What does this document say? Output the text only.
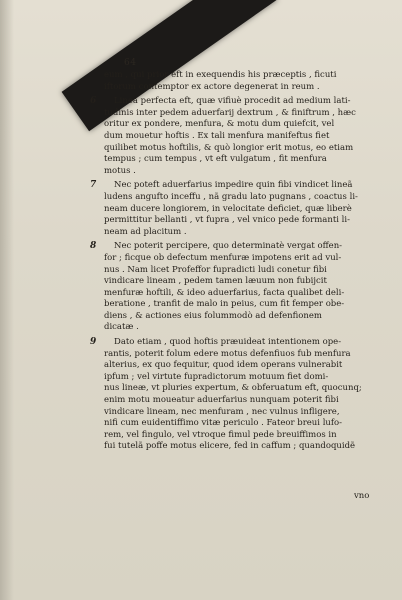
64
eum , qui prior eft in exequendis his præceptis , ficuti
iftorum contemptor ex actore degenerat in reum .
6	Linea perfecta eft, quæ vifiuè procedit ad medium lati-
tudinis inter pedem aduerfarij dextrum , & finiftrum , hæc
oritur ex pondere, menfura, & motu dum quiefcit, vel
dum mouetur hoftis . Ex tali menfura manifeftus fiet
quilibet motus hoftilis, & quò longior erit motus, eo etiam
tempus ; cum tempus , vt eft vulgatum , fit menfura
motus .
7	Nec poteft aduerfarius impedire quin fibi vindicet lineã
ludens angufto inceffu , nã gradu lato pugnans , coactus li-
neam ducere longiorem, in velocitate deficiet, quæ liberè
permittitur bellanti , vt fupra , vel vnico pede formanti li-
neam ad placitum .
8	Nec poterit percipere, quo determinatè vergat offen-
for ; ficque ob defectum menfuræ impotens erit ad vul-
nus . Nam licet Profeffor fupradicti ludi conetur fibi
vindicare lineam , pedem tamen læuum non fubijcit
menfuræ hoftili, & ideo aduerfarius, facta qualibet deli-
beratione , tranfit de malo in peius, cum fit femper obe-
diens , & actiones eius folummodò ad defenfionem
dicatæ .
9	Dato etiam , quod hoftis præuideat intentionem ope-
rantis, poterit folum edere motus defenfiuos fub menfura
alterius, ex quo fequitur, quod idem operans vulnerabit
ipfum ; vel virtute fupradictorum motuum fiet domi-
nus lineæ, vt pluries expertum, & obferuatum eft, quocunq;
enim motu moueatur aduerfarius nunquam poterit fibi
vindicare lineam, nec menfuram , nec vulnus infligere,
nifi cum euidentiffimo vitæ periculo . Fateor breui lufo-
rem, vel fingulo, vel vtroque fimul pede breuiffimos in
fui tutelã poffe motus elicere, fed in caffum ; quandoquidẽ
vno
